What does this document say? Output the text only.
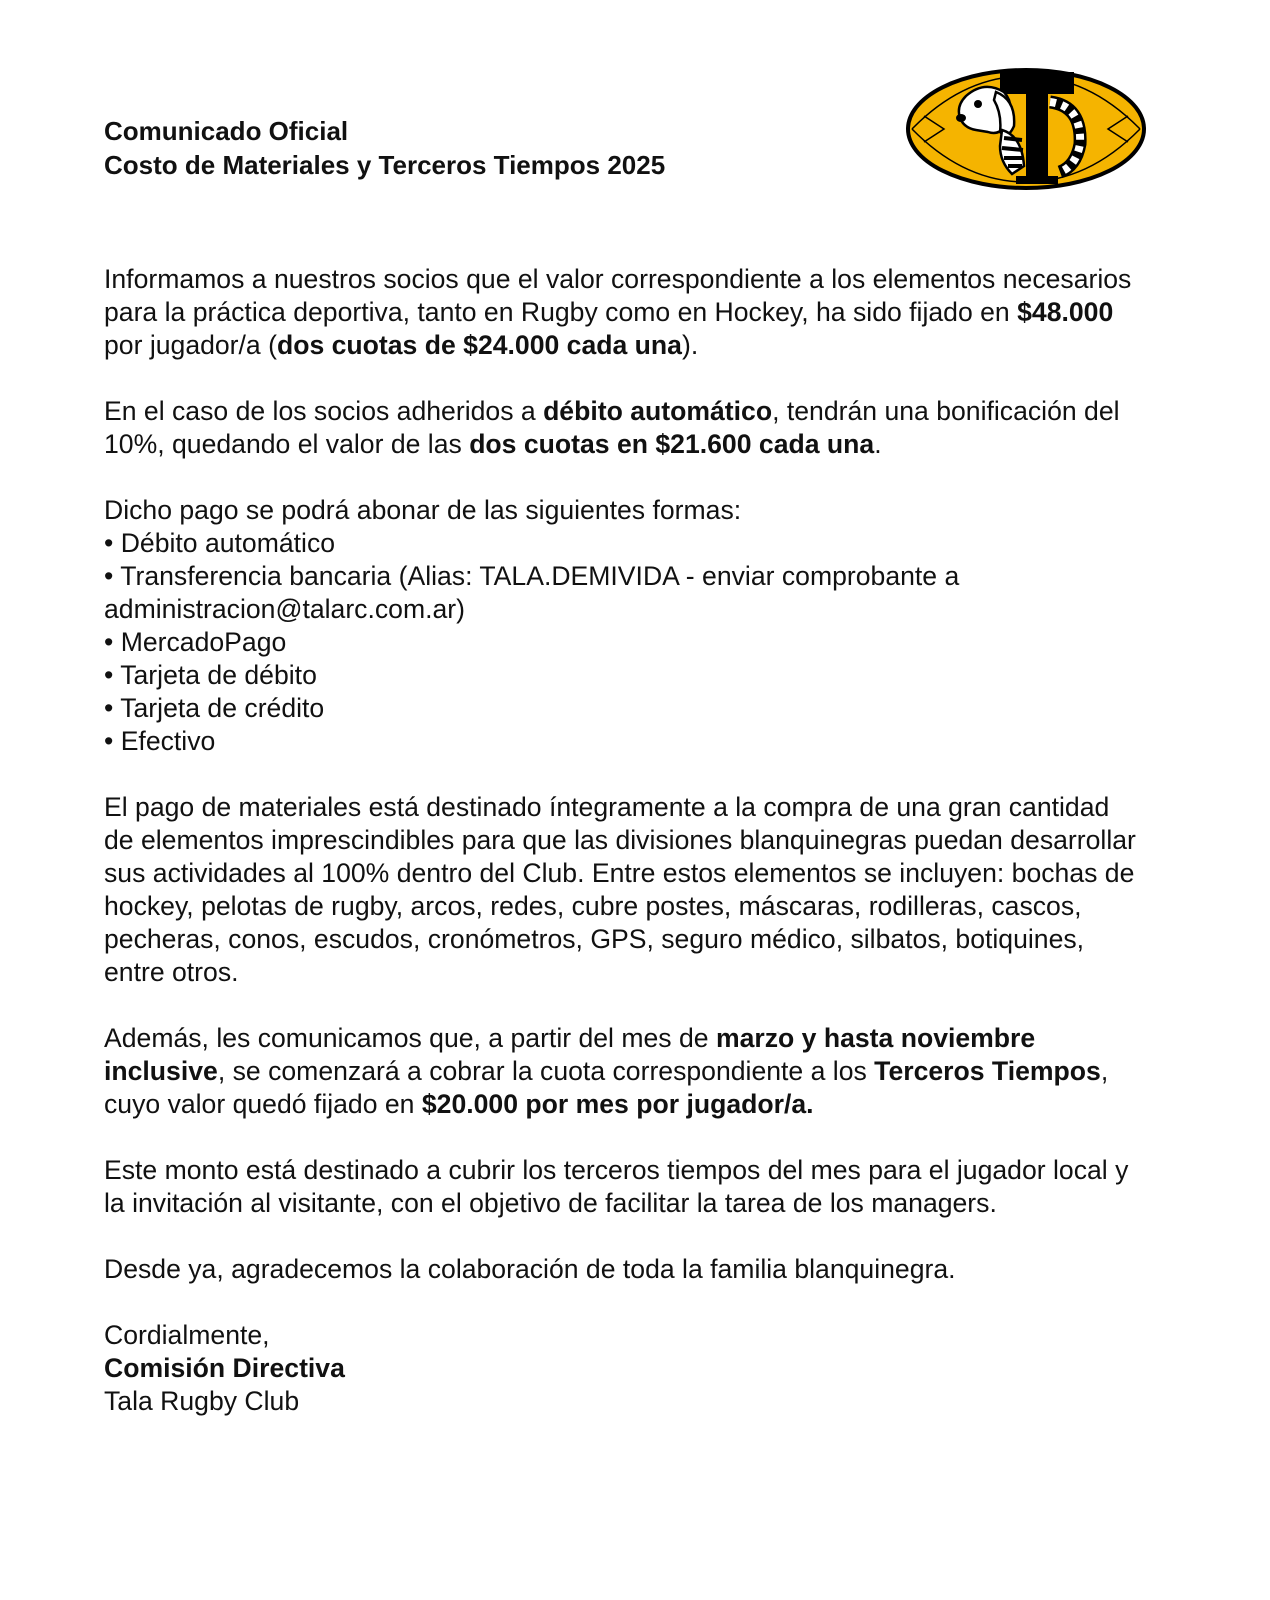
Comunicado Oficial

Costo de Materiales y Terceros Tiempos 2025

Informamos a nuestros socios que el valor correspondiente a los elementos necesarios para la práctica deportiva, tanto en Rugby como en Hockey, ha sido fijado en $48.000 por jugador/a (dos cuotas de $24.000 cada una).

En el caso de los socios adheridos a débito automático, tendrán una bonificación del 10%, quedando el valor de las dos cuotas en $21.600 cada una.

Dicho pago se podrá abonar de las siguientes formas:

• Débito automático
• Transferencia bancaria (Alias: TALA.DEMIVIDA - enviar comprobante a administracion@talarc.com.ar)
• MercadoPago
• Tarjeta de débito
• Tarjeta de crédito
• Efectivo

El pago de materiales está destinado íntegramente a la compra de una gran cantidad de elementos imprescindibles para que las divisiones blanquinegras puedan desarrollar sus actividades al 100% dentro del Club. Entre estos elementos se incluyen: bochas de hockey, pelotas de rugby, arcos, redes, cubre postes, máscaras, rodilleras, cascos, pecheras, conos, escudos, cronómetros, GPS, seguro médico, silbatos, botiquines, entre otros.

Además, les comunicamos que, a partir del mes de marzo y hasta noviembre inclusive, se comenzará a cobrar la cuota correspondiente a los Terceros Tiempos, cuyo valor quedó fijado en $20.000 por mes por jugador/a.

Este monto está destinado a cubrir los terceros tiempos del mes para el jugador local y la invitación al visitante, con el objetivo de facilitar la tarea de los managers.

Desde ya, agradecemos la colaboración de toda la familia blanquinegra.

Cordialmente,

Comisión Directiva

Tala Rugby Club
